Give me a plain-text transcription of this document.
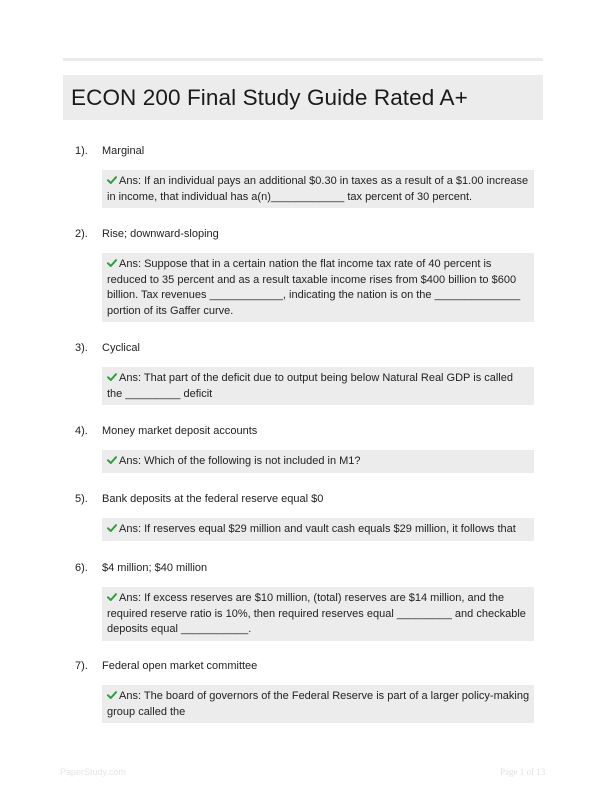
ECON 200 Final Study Guide Rated A+
1). Marginal
Ans: If an individual pays an additional $0.30 in taxes as a result of a $1.00 increase in income, that individual has a(n)____________ tax percent of 30 percent.
2). Rise; downward-sloping
Ans: Suppose that in a certain nation the flat income tax rate of 40 percent is reduced to 35 percent and as a result taxable income rises from $400 billion to $600 billion. Tax revenues ____________, indicating the nation is on the ______________ portion of its Gaffer curve.
3). Cyclical
Ans: That part of the deficit due to output being below Natural Real GDP is called the _________ deficit
4). Money market deposit accounts
Ans: Which of the following is not included in M1?
5). Bank deposits at the federal reserve equal $0
Ans: If reserves equal $29 million and vault cash equals $29 million, it follows that
6). $4 million; $40 million
Ans: If excess reserves are $10 million, (total) reserves are $14 million, and the required reserve ratio is 10%, then required reserves equal _________ and checkable deposits equal ___________.
7). Federal open market committee
Ans: The board of governors of the Federal Reserve is part of a larger policy-making group called the
PaperStudy.com	Page 1 of 13
